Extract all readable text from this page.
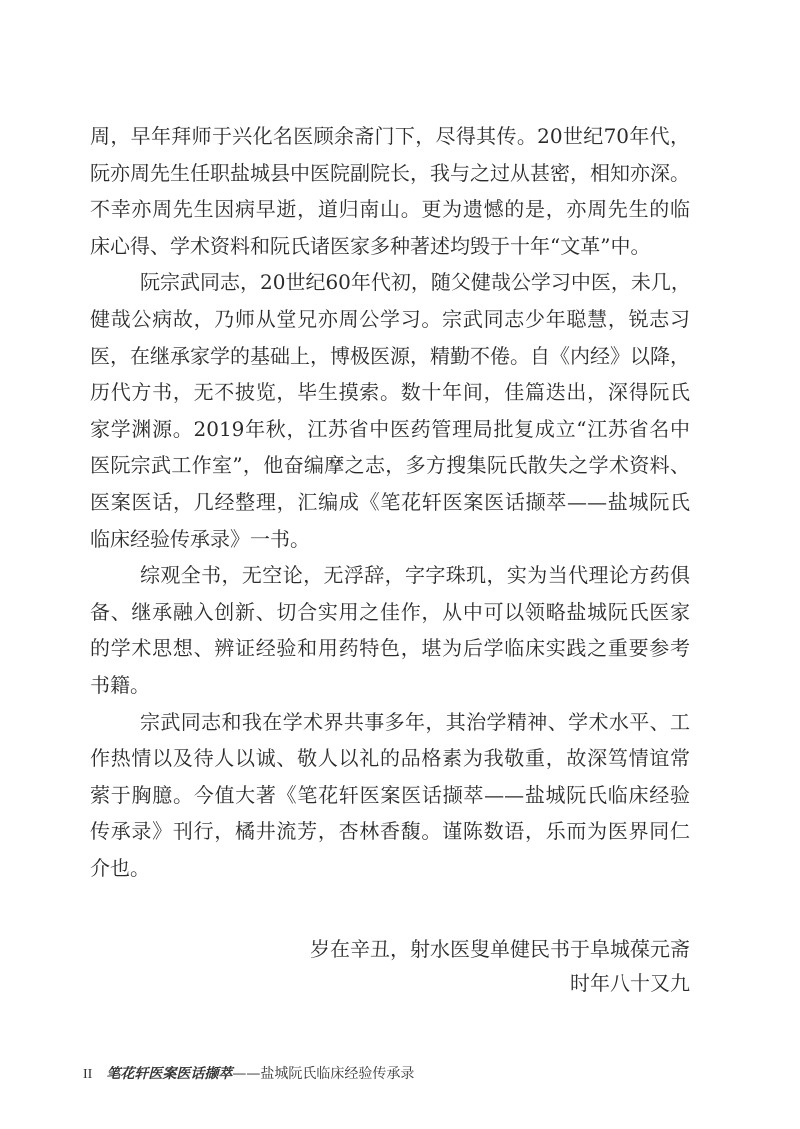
周，早年拜师于兴化名医顾余斋门下，尽得其传。20世纪70年代，
阮亦周先生任职盐城县中医院副院长，我与之过从甚密，相知亦深。
不幸亦周先生因病早逝，道归南山。更为遗憾的是，亦周先生的临
床心得、学术资料和阮氏诸医家多种著述均毁于十年“文革”中。
阮宗武同志，20世纪60年代初，随父健哉公学习中医，未几，
健哉公病故，乃师从堂兄亦周公学习。宗武同志少年聪慧，锐志习
医，在继承家学的基础上，博极医源，精勤不倦。自《内经》以降，
历代方书，无不披览，毕生摸索。数十年间，佳篇迭出，深得阮氏
家学渊源。2019年秋，江苏省中医药管理局批复成立“江苏省名中
医阮宗武工作室”，他奋编摩之志，多方搜集阮氏散失之学术资料、
医案医话，几经整理，汇编成《笔花轩医案医话撷萃——盐城阮氏
临床经验传承录》一书。
综观全书，无空论，无浮辞，字字珠玑，实为当代理论方药俱
备、继承融入创新、切合实用之佳作，从中可以领略盐城阮氏医家
的学术思想、辨证经验和用药特色，堪为后学临床实践之重要参考
书籍。
宗武同志和我在学术界共事多年，其治学精神、学术水平、工
作热情以及待人以诚、敬人以礼的品格素为我敬重，故深笃情谊常
萦于胸臆。今值大著《笔花轩医案医话撷萃——盐城阮氏临床经验
传承录》刊行，橘井流芳，杏林香馥。谨陈数语，乐而为医界同仁
介也。
岁在辛丑，射水医叟单健民书于阜城葆元斋
时年八十又九
II 笔花轩医案医话撷萃——盐城阮氏临床经验传承录
